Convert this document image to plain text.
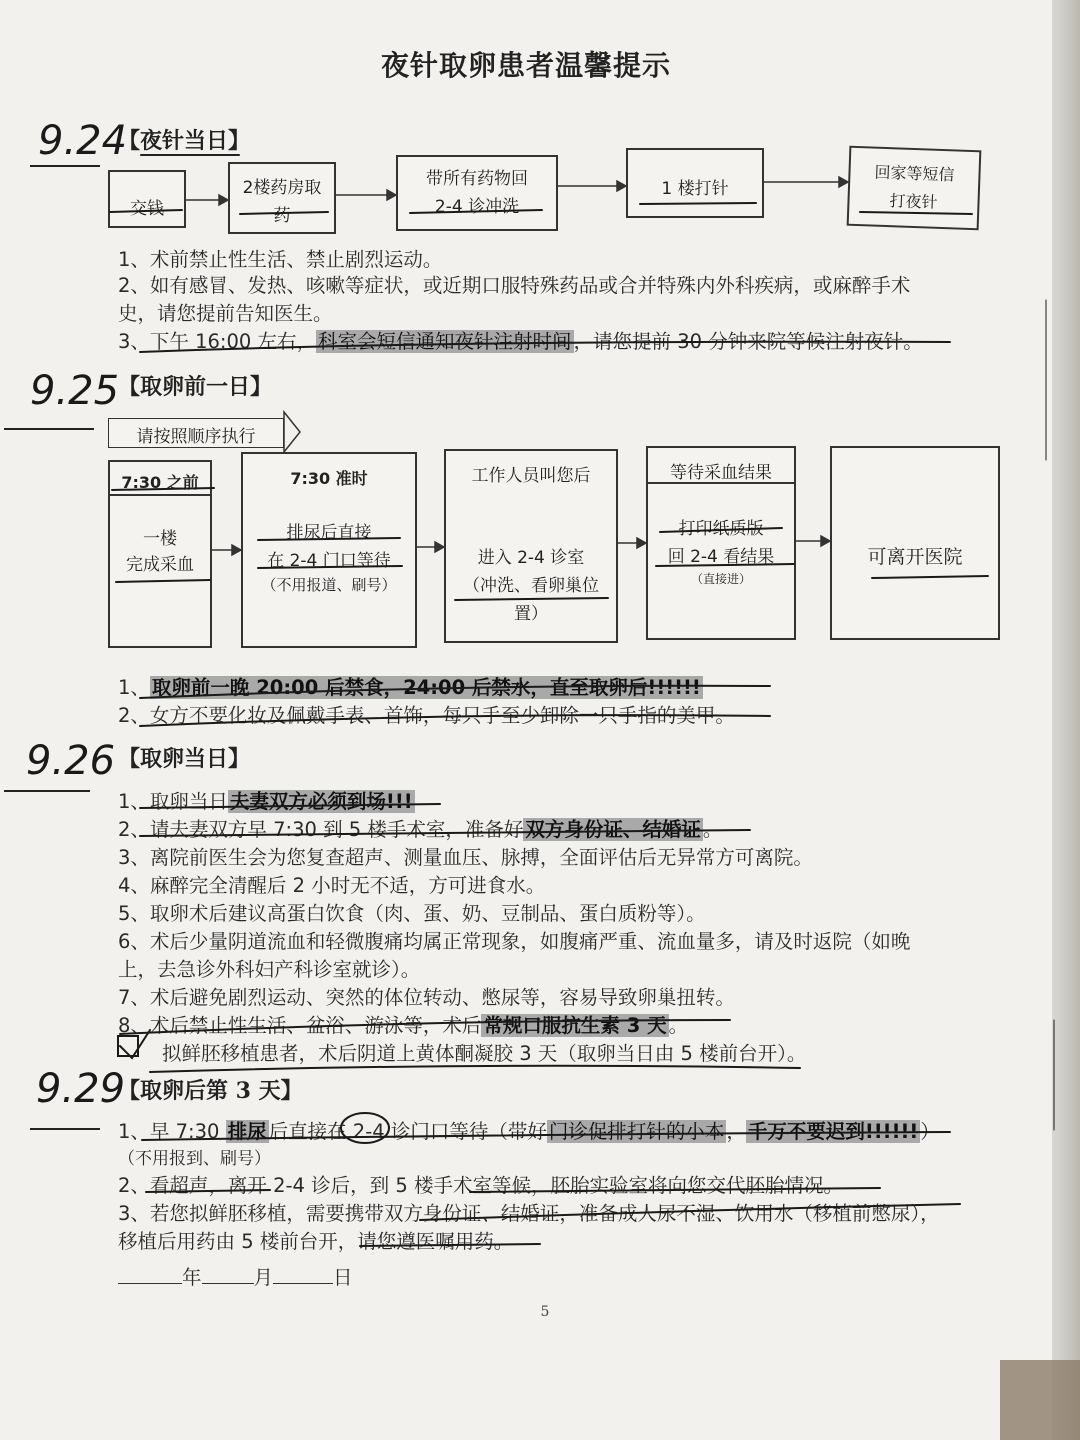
夜针取卵患者温馨提示
9.24
【夜针当日】
交钱
2楼药房取药
带所有药物回 2-4 诊冲洗
1 楼打针
回家等短信打夜针
1、术前禁止性生活、禁止剧烈运动。
2、如有感冒、发热、咳嗽等症状，或近期口服特殊药品或合并特殊内外科疾病，或麻醉手术
史，请您提前告知医生。
3、下午 16:00 左右， 科室会短信通知夜针注射时间 ，请您提前 30 分钟来院等候注射夜针。
9.25
【取卵前一日】
请按照顺序执行
7:30 之前
一楼
完成采血
7:30 准时
排尿后直接
在 2-4 门口等待
（不用报道、刷号）
工作人员叫您后
进入 2-4 诊室
（冲洗、看卵巢位
置）
等待采血结果
打印纸质版
回 2-4 看结果
（直接进）
可离开医院
1、 取卵前一晚 20:00 后禁食，24:00 后禁水，直至取卵后!!!!!!
2、女方不要化妆及佩戴手表、首饰，每只手至少卸除一只手指的美甲。
9.26 【取卵当日】
1、取卵当日 夫妻双方必须到场!!!
2、请夫妻双方早 7:30 到 5 楼手术室，准备好 双方身份证、结婚证 。
3、离院前医生会为您复查超声、测量血压、脉搏，全面评估后无异常方可离院。
4、麻醉完全清醒后 2 小时无不适，方可进食水。
5、取卵术后建议高蛋白饮食（肉、蛋、奶、豆制品、蛋白质粉等）。
6、术后少量阴道流血和轻微腹痛均属正常现象，如腹痛严重、流血量多，请及时返院（如晚
上，去急诊外科妇产科诊室就诊）。
7、术后避免剧烈运动、突然的体位转动、憋尿等，容易导致卵巢扭转。
8、术后禁止性生活、盆浴、游泳等，术后 常规口服抗生素 3 天 。
拟鲜胚移植患者，术后阴道上黄体酮凝胶 3 天（取卵当日由 5 楼前台开）。
9.29
【取卵后第 3 天】
1、早 7:30 排尿 后直接在 2-4 诊门口等待（带好 门诊促排打针的小本 ， 千万不要迟到!!!!!! ）
（不用报到、刷号）
2、看超声，离开 2-4 诊后，到 5 楼手术室等候，胚胎实验室将向您交代胚胎情况。
3、若您拟鲜胚移植，需要携带双方身份证、结婚证，准备成人尿不湿、饮用水（移植前憋尿），
移植后用药由 5 楼前台开，请您遵医嘱用药。
年	月	日
5
